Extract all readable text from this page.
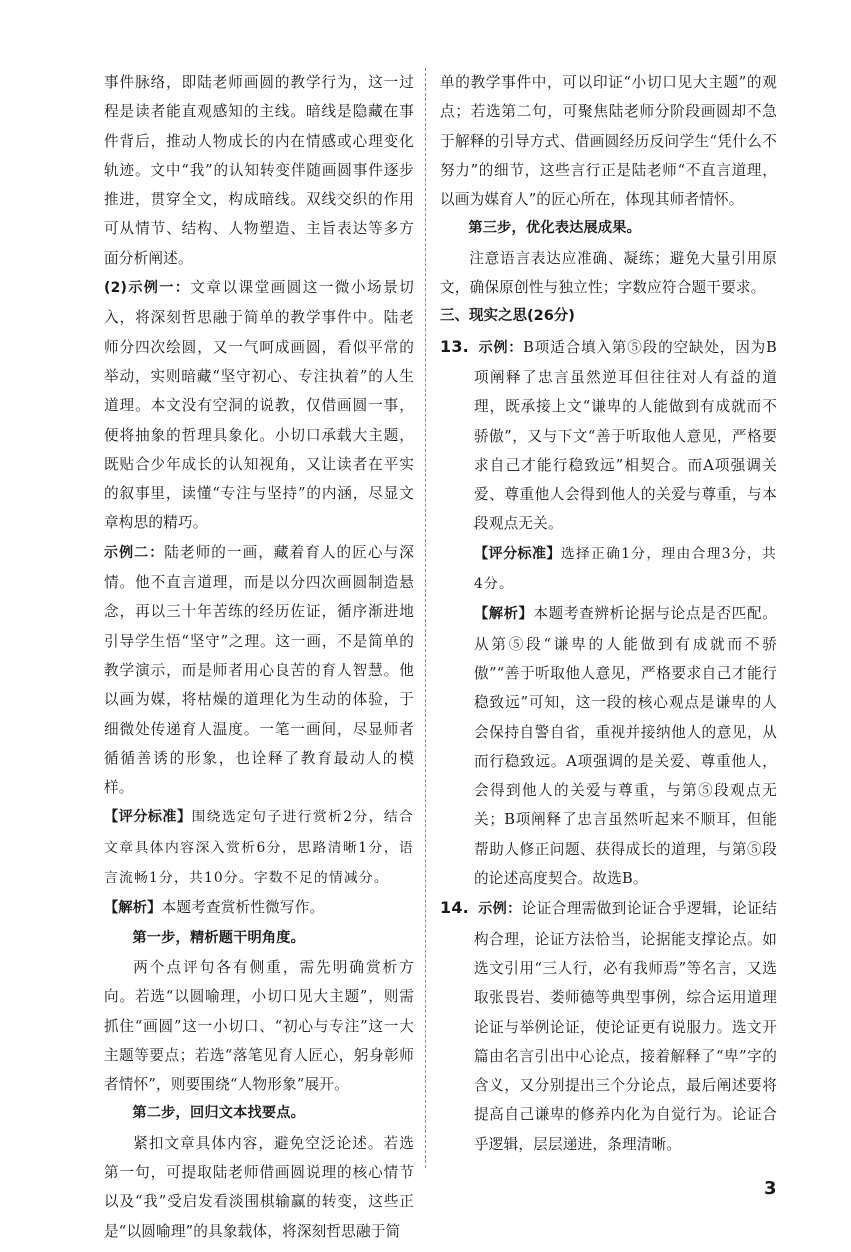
事件脉络，即陆老师画圆的教学行为，这一过程是读者能直观感知的主线。暗线是隐藏在事件背后，推动人物成长的内在情感或心理变化轨迹。文中“我”的认知转变伴随画圆事件逐步推进，贯穿全文，构成暗线。双线交织的作用可从情节、结构、人物塑造、主旨表达等多方面分析阐述。

(2)示例一：文章以课堂画圆这一微小场景切入，将深刻哲思融于简单的教学事件中。陆老师分四次绘圆，又一气呵成画圆，看似平常的举动，实则暗藏“坚守初心、专注执着”的人生道理。本文没有空洞的说教，仅借画圆一事，便将抽象的哲理具象化。小切口承载大主题，既贴合少年成长的认知视角，又让读者在平实的叙事里，读懂“专注与坚持”的内涵，尽显文章构思的精巧。

示例二：陆老师的一画，藏着育人的匠心与深情。他不直言道理，而是以分四次画圆制造悬念，再以三十年苦练的经历佐证，循序渐进地引导学生悟“坚守”之理。这一画，不是简单的教学演示，而是师者用心良苦的育人智慧。他以画为媒，将枯燥的道理化为生动的体验，于细微处传递育人温度。一笔一画间，尽显师者循循善诱的形象，也诠释了教育最动人的模样。

【评分标准】围绕选定句子进行赏析2分，结合文章具体内容深入赏析6分，思路清晰1分，语言流畅1分，共10分。字数不足的情减分。

【解析】本题考查赏析性微写作。

第一步，精析题干明角度。

两个点评句各有侧重，需先明确赏析方向。若选“以圆喻理，小切口见大主题”，则需抓住“画圆”这一小切口、“初心与专注”这一大主题等要点；若选“落笔见育人匠心，躬身彰师者情怀”，则要围绕“人物形象”展开。

第二步，回归文本找要点。

紧扣文章具体内容，避免空泛论述。若选第一句，可提取陆老师借画圆说理的核心情节以及“我”受启发看淡围棋输赢的转变，这些正是“以圆喻理”的具象载体，将深刻哲思融于简

单的教学事件中，可以印证“小切口见大主题”的观点；若选第二句，可聚焦陆老师分阶段画圆却不急于解释的引导方式、借画圆经历反问学生“凭什么不努力”的细节，这些言行正是陆老师“不直言道理，以画为媒育人”的匠心所在，体现其师者情怀。

第三步，优化表达展成果。

注意语言表达应准确、凝练；避免大量引用原文，确保原创性与独立性；字数应符合题干要求。

三、现实之思(26分)

13. 示例：B项适合填入第⑤段的空缺处，因为B项阐释了忠言虽然逆耳但往往对人有益的道理，既承接上文“谦卑的人能做到有成就而不骄傲”，又与下文“善于听取他人意见，严格要求自己才能行稳致远”相契合。而A项强调关爱、尊重他人会得到他人的关爱与尊重，与本段观点无关。

【评分标准】选择正确1分，理由合理3分，共4分。

【解析】本题考查辨析论据与论点是否匹配。从第⑤段“谦卑的人能做到有成就而不骄傲”“善于听取他人意见，严格要求自己才能行稳致远”可知，这一段的核心观点是谦卑的人会保持自警自省，重视并接纳他人的意见，从而行稳致远。A项强调的是关爱、尊重他人，会得到他人的关爱与尊重，与第⑤段观点无关；B项阐释了忠言虽然听起来不顺耳，但能帮助人修正问题、获得成长的道理，与第⑤段的论述高度契合。故选B。

14. 示例：论证合理需做到论证合乎逻辑，论证结构合理，论证方法恰当，论据能支撑论点。如选文引用“三人行，必有我师焉”等名言，又选取张畏岩、娄师德等典型事例，综合运用道理论证与举例论证，使论证更有说服力。选文开篇由名言引出中心论点，接着解释了“卑”字的含义，又分别提出三个分论点，最后阐述要将提高自己谦卑的修养内化为自觉行为。论证合乎逻辑，层层递进，条理清晰。

3
